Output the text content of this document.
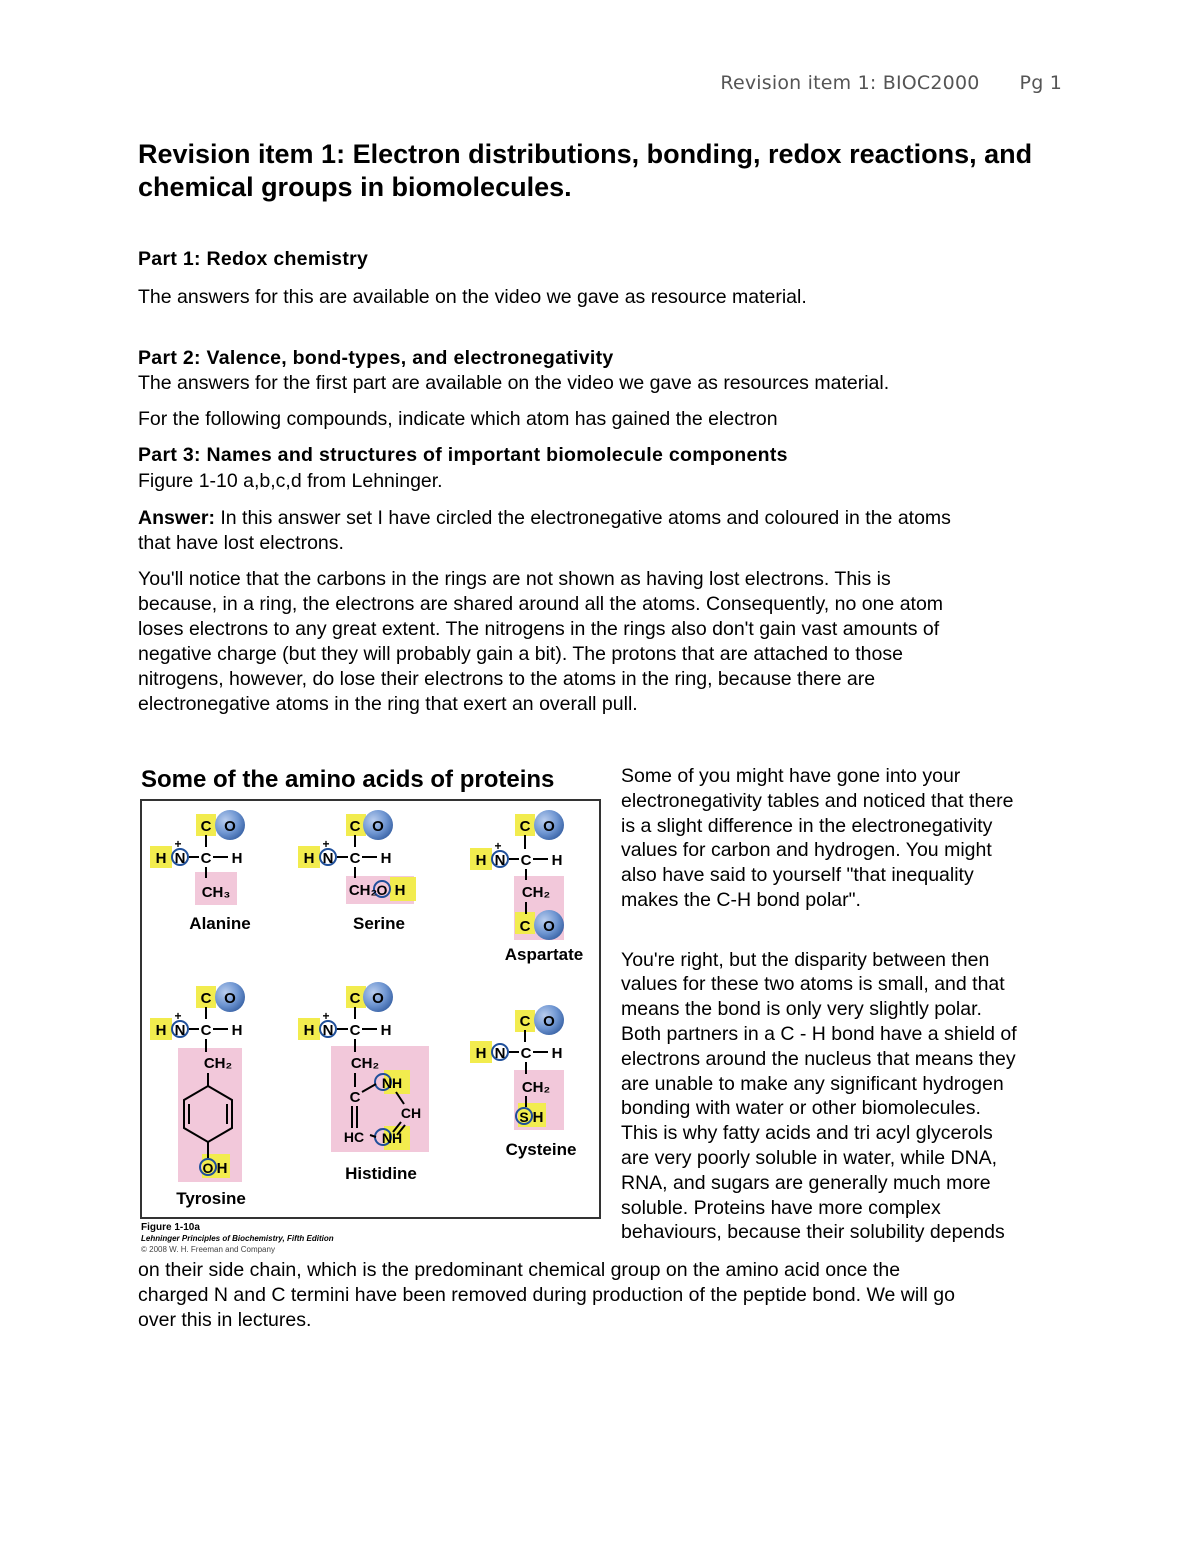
Revision item 1: BIOC2000 Pg 1
Revision item 1: Electron distributions, bonding, redox reactions, and chemical groups in biomolecules.
Part 1: Redox chemistry
The answers for this are available on the video we gave as resource material.
Part 2: Valence, bond-types, and electronegativity
The answers for the first part are available on the video we gave as resources material.
For the following compounds, indicate which atom has gained the electron
Part 3: Names and structures of important biomolecule components
Figure 1-10 a,b,c,d from Lehninger.
Answer: In this answer set I have circled the electronegative atoms and coloured in the atoms
that have lost electrons.
You'll notice that the carbons in the rings are not shown as having lost electrons. This is
because, in a ring, the electrons are shared around all the atoms. Consequently, no one atom
loses electrons to any great extent. The nitrogens in the rings also don't gain vast amounts of
negative charge (but they will probably gain a bit). The protons that are attached to those
nitrogens, however, do lose their electrons to the atoms in the ring, because there are
electronegative atoms in the ring that exert an overall pull.
Some of the amino acids of proteins
C O
H N
+
C H
CH₃
Alanine
C O
H N
+
C H
CH₂ O H
Serine
C O
H N
+
C H
CH₂
C O
Aspartate
C O
H N
+
C H
CH₂
O H
Tyrosine
C O
H N
+
C H
CH₂
C
NH
CH
NH
HC
Histidine
C O
H N C H
CH₂
S H
Cysteine
Figure 1-10a
Lehninger Principles of Biochemistry, Fifth Edition
© 2008 W. H. Freeman and Company
Some of you might have gone into your
electronegativity tables and noticed that there
is a slight difference in the electronegativity
values for carbon and hydrogen. You might
also have said to yourself "that inequality
makes the C-H bond polar".

You're right, but the disparity between then
values for these two atoms is small, and that
means the bond is only very slightly polar.
Both partners in a C - H bond have a shield of
electrons around the nucleus that means they
are unable to make any significant hydrogen
bonding with water or other biomolecules.
This is why fatty acids and tri acyl glycerols
are very poorly soluble in water, while DNA,
RNA, and sugars are generally much more
soluble. Proteins have more complex
behaviours, because their solubility depends
on their side chain, which is the predominant chemical group on the amino acid once the
charged N and C termini have been removed during production of the peptide bond. We will go
over this in lectures.
